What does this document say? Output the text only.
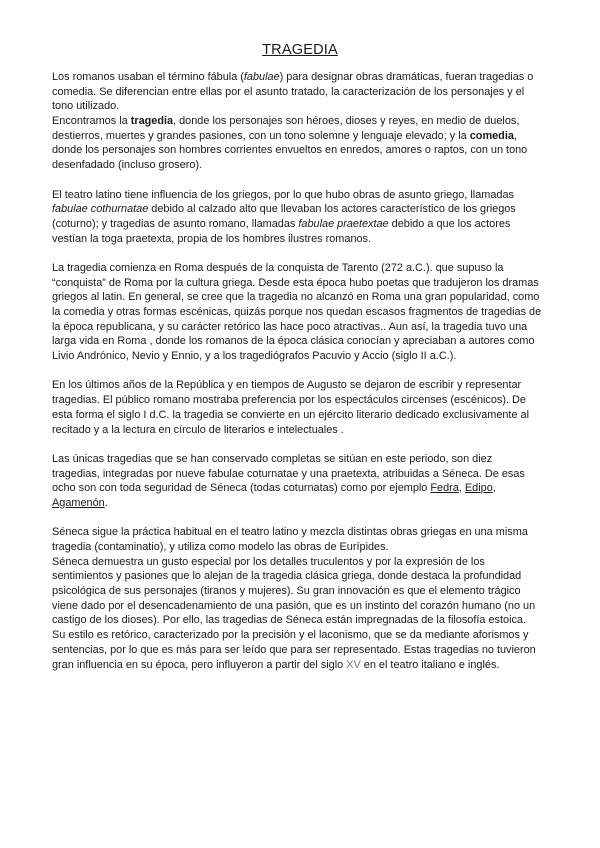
TRAGEDIA
Los romanos usaban el término fábula (fabulae) para designar obras dramáticas, fueran tragedias o
comedia. Se diferencian entre ellas por el asunto tratado, la caracterización de los personajes y el
tono utilizado.
Encontramos la tragedia, donde los personajes son héroes, dioses y reyes, en medio de duelos,
destierros, muertes y grandes pasiones, con un tono solemne y lenguaje elevado; y la comedia,
donde los personajes son hombres corrientes envueltos en enredos, amores o raptos, con un tono
desenfadado (incluso grosero).
El teatro latino tiene influencia de los griegos, por lo que hubo obras de asunto griego, llamadas
fabulae cothurnatae debido al calzado alto que llevaban los actores característico de los griegos
(coturno); y tragedias de asunto romano, llamadas fabulae praetextae debido a que los actores
vestían la toga praetexta, propia de los hombres ilustres romanos.
La tragedia comienza en Roma después de la conquista de Tarento (272 a.C.). que supuso la
“conquista” de Roma por la cultura griega. Desde esta época hubo poetas que tradujeron los dramas
griegos al latin. En general, se cree que la tragedia no alcanzó en Roma una gran popularidad, como
la comedia y otras formas escénicas, quizás porque nos quedan escasos fragmentos de tragedias de
la época republicana, y su carácter retórico las hace poco atractivas.. Aun así, la tragedia tuvo una
larga vida en Roma , donde los romanos de la época clásica conocían y apreciaban a autores como
Livio Andrónico, Nevio y Ennio, y a los tragediógrafos Pacuvio y Accio (siglo II a.C.).
En los últimos años de la República y en tiempos de Augusto se dejaron de escribir y representar
tragedias. El público romano mostraba preferencia por los espectáculos circenses (escénicos). De
esta forma el siglo I d.C. la tragedia se convierte en un ejército literario dedicado exclusivamente al
recitado y a la lectura en círculo de literarios e intelectuales .
Las únicas tragedias que se han conservado completas se sitúan en este periodo, son diez
tragedias, integradas por nueve fabulae coturnatae y una praetexta, atribuidas a Séneca. De esas
ocho son con toda seguridad de Séneca (todas coturnatas) como por ejemplo Fedra, Edipo,
Agamenón.
Séneca sigue la práctica habitual en el teatro latino y mezcla distintas obras griegas en una misma
tragedia (contaminatio), y utiliza como modelo las obras de Eurípides.
Séneca demuestra un gusto especial por los detalles truculentos y por la expresión de los
sentimientos y pasiones que lo alejan de la tragedia clásica griega, donde destaca la profundidad
psicológica de sus personajes (tiranos y mujeres). Su gran innovación es que el elemento trágico
viene dado por el desencadenamiento de una pasión, que es un instinto del corazón humano (no un
castigo de los dioses). Por ello, las tragedias de Séneca están impregnadas de la filosofía estoica.
Su estilo es retórico, caracterizado por la precisión y el laconismo, que se da mediante aforismos y
sentencias, por lo que es más para ser leído que para ser representado. Estas tragedias no tuvieron
gran influencia en su época, pero influyeron a partir del siglo XV en el teatro italiano e inglés.
